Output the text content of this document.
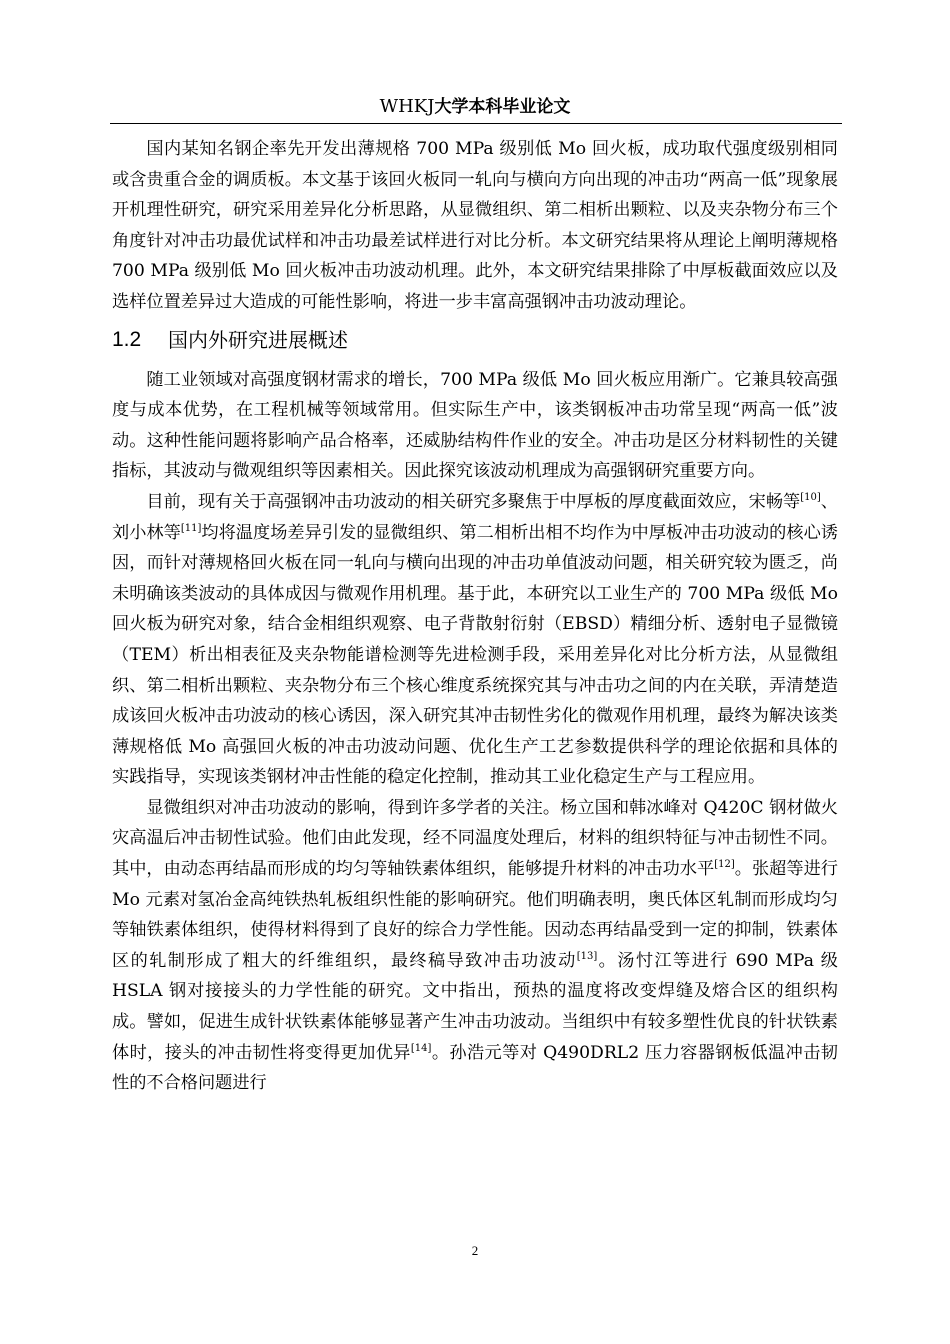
WHKJ大学本科毕业论文

国内某知名钢企率先开发出薄规格 700 MPa 级别低 Mo 回火板，成功取代强度级别相同或含贵重合金的调质板。本文基于该回火板同一轧向与横向方向出现的冲击功“两高一低”现象展开机理性研究，研究采用差异化分析思路，从显微组织、第二相析出颗粒、以及夹杂物分布三个角度针对冲击功最优试样和冲击功最差试样进行对比分析。本文研究结果将从理论上阐明薄规格 700 MPa 级别低 Mo 回火板冲击功波动机理。此外，本文研究结果排除了中厚板截面效应以及选样位置差异过大造成的可能性影响，将进一步丰富高强钢冲击功波动理论。

1.2	国内外研究进展概述

随工业领域对高强度钢材需求的增长，700 MPa 级低 Mo 回火板应用渐广。它兼具较高强度与成本优势，在工程机械等领域常用。但实际生产中，该类钢板冲击功常呈现“两高一低”波动。这种性能问题将影响产品合格率，还威胁结构件作业的安全。冲击功是区分材料韧性的关键指标，其波动与微观组织等因素相关。因此探究该波动机理成为高强钢研究重要方向。

目前，现有关于高强钢冲击功波动的相关研究多聚焦于中厚板的厚度截面效应，宋畅等[10]、刘小林等[11]均将温度场差异引发的显微组织、第二相析出相不均作为中厚板冲击功波动的核心诱因，而针对薄规格回火板在同一轧向与横向出现的冲击功单值波动问题，相关研究较为匮乏，尚未明确该类波动的具体成因与微观作用机理。基于此，本研究以工业生产的 700 MPa 级低 Mo 回火板为研究对象，结合金相组织观察、电子背散射衍射（EBSD）精细分析、透射电子显微镜（TEM）析出相表征及夹杂物能谱检测等先进检测手段，采用差异化对比分析方法，从显微组织、第二相析出颗粒、夹杂物分布三个核心维度系统探究其与冲击功之间的内在关联，弄清楚造成该回火板冲击功波动的核心诱因，深入研究其冲击韧性劣化的微观作用机理，最终为解决该类薄规格低 Mo 高强回火板的冲击功波动问题、优化生产工艺参数提供科学的理论依据和具体的实践指导，实现该类钢材冲击性能的稳定化控制，推动其工业化稳定生产与工程应用。

显微组织对冲击功波动的影响，得到许多学者的关注。杨立国和韩冰峰对 Q420C 钢材做火灾高温后冲击韧性试验。他们由此发现，经不同温度处理后，材料的组织特征与冲击韧性不同。其中，由动态再结晶而形成的均匀等轴铁素体组织，能够提升材料的冲击功水平[12]。张超等进行 Mo 元素对氢冶金高纯铁热轧板组织性能的影响研究。他们明确表明，奥氏体区轧制而形成均匀等轴铁素体组织，使得材料得到了良好的综合力学性能。因动态再结晶受到一定的抑制，铁素体区的轧制形成了粗大的纤维组织，最终稿导致冲击功波动[13]。汤忖江等进行 690 MPa 级 HSLA 钢对接接头的力学性能的研究。文中指出，预热的温度将改变焊缝及熔合区的组织构成。譬如，促进生成针状铁素体能够显著产生冲击功波动。当组织中有较多塑性优良的针状铁素体时，接头的冲击韧性将变得更加优异[14]。孙浩元等对 Q490DRL2 压力容器钢板低温冲击韧性的不合格问题进行

2
